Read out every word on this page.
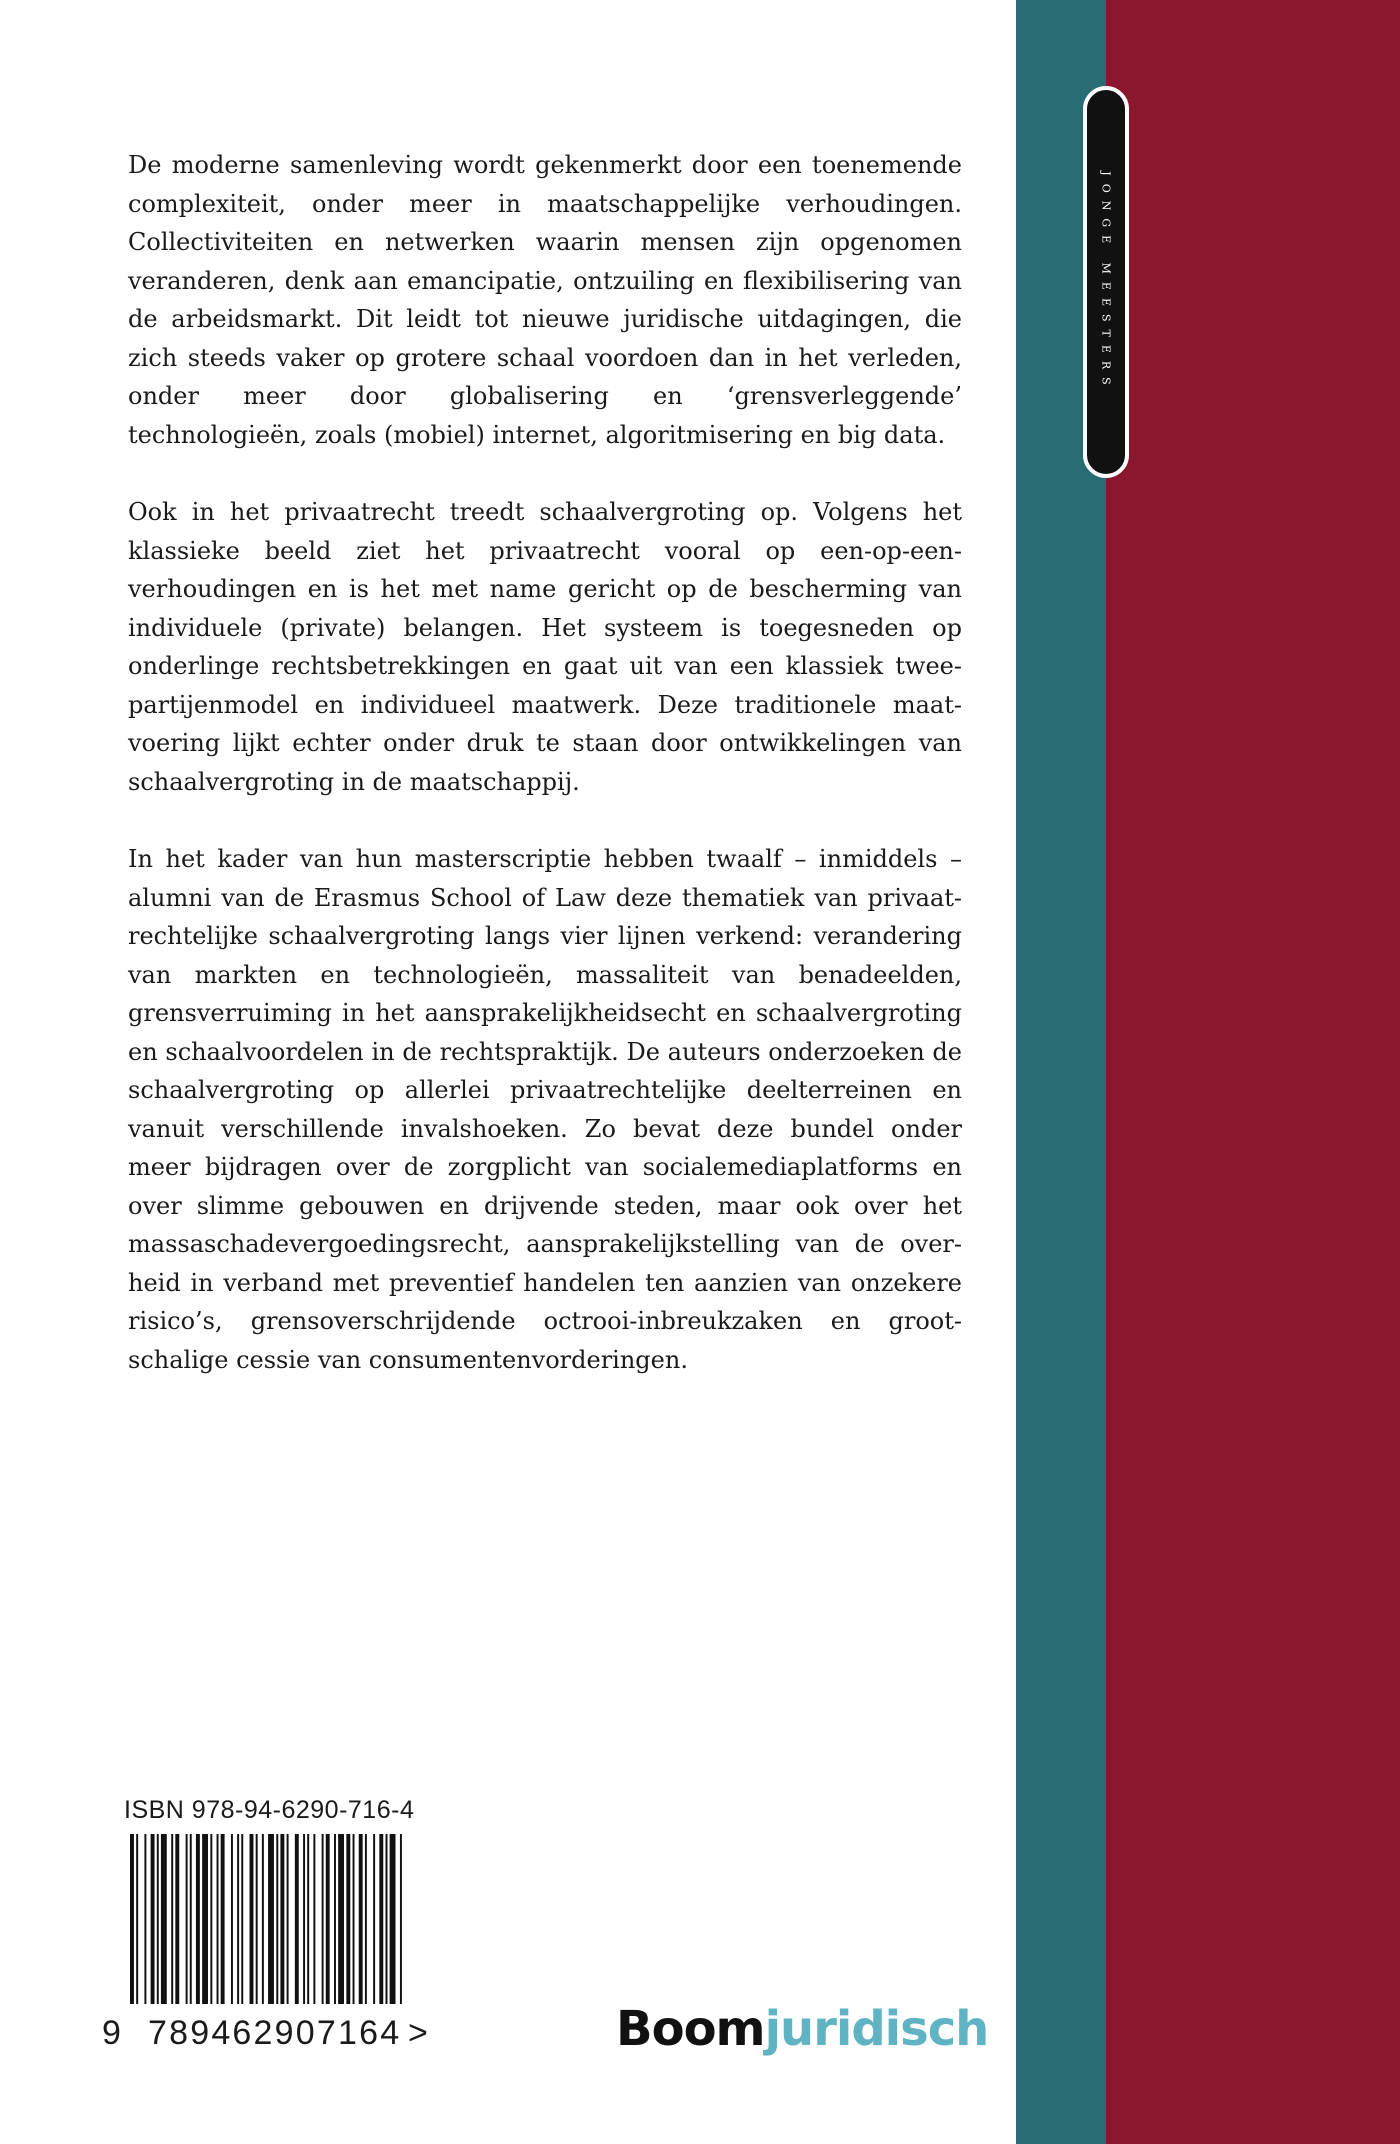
JONGE MEESTERS

De moderne samenleving wordt gekenmerkt door een toenemende complexiteit, onder meer in maatschappelijke verhoudingen. Collectiviteiten en netwerken waarin mensen zijn opgenomen veranderen, denk aan emancipatie, ontzuiling en flexibilisering van de arbeidsmarkt. Dit leidt tot nieuwe juridische uitdagingen, die zich steeds vaker op grotere schaal voordoen dan in het verleden, onder meer door globalisering en ‘grensverleggende’ technologieën, zoals (mobiel) internet, algoritmisering en big data.

Ook in het privaatrecht treedt schaalvergroting op. Volgens het klassieke beeld ziet het privaatrecht vooral op een-op-een-verhoudingen en is het met name gericht op de bescherming van individuele (private) belangen. Het systeem is toegesneden op onderlinge rechtsbetrekkingen en gaat uit van een klassiek twee-partijenmodel en individueel maatwerk. Deze traditionele maat-voering lijkt echter onder druk te staan door ontwikkelingen van schaalvergroting in de maatschappij.

In het kader van hun masterscriptie hebben twaalf – inmiddels – alumni van de Erasmus School of Law deze thematiek van privaat-rechtelijke schaalvergroting langs vier lijnen verkend: verandering van markten en technologieën, massaliteit van benadeelden, grensverruiming in het aansprakelijkheidsecht en schaalvergroting en schaalvoordelen in de rechtspraktijk. De auteurs onderzoeken de schaalvergroting op allerlei privaatrechtelijke deelterreinen en vanuit verschillende invalshoeken. Zo bevat deze bundel onder meer bijdragen over de zorgplicht van socialemediaplatforms en over slimme gebouwen en drijvende steden, maar ook over het massaschadevergoedingsrecht, aansprakelijkstelling van de over-heid in verband met preventief handelen ten aanzien van onzekere risico’s, grensoverschrijdende octrooi-inbreukzaken en groot-schalige cessie van consumentenvorderingen.

ISBN 978-94-6290-716-4
9 789462907164 >	Boomjuridisch
